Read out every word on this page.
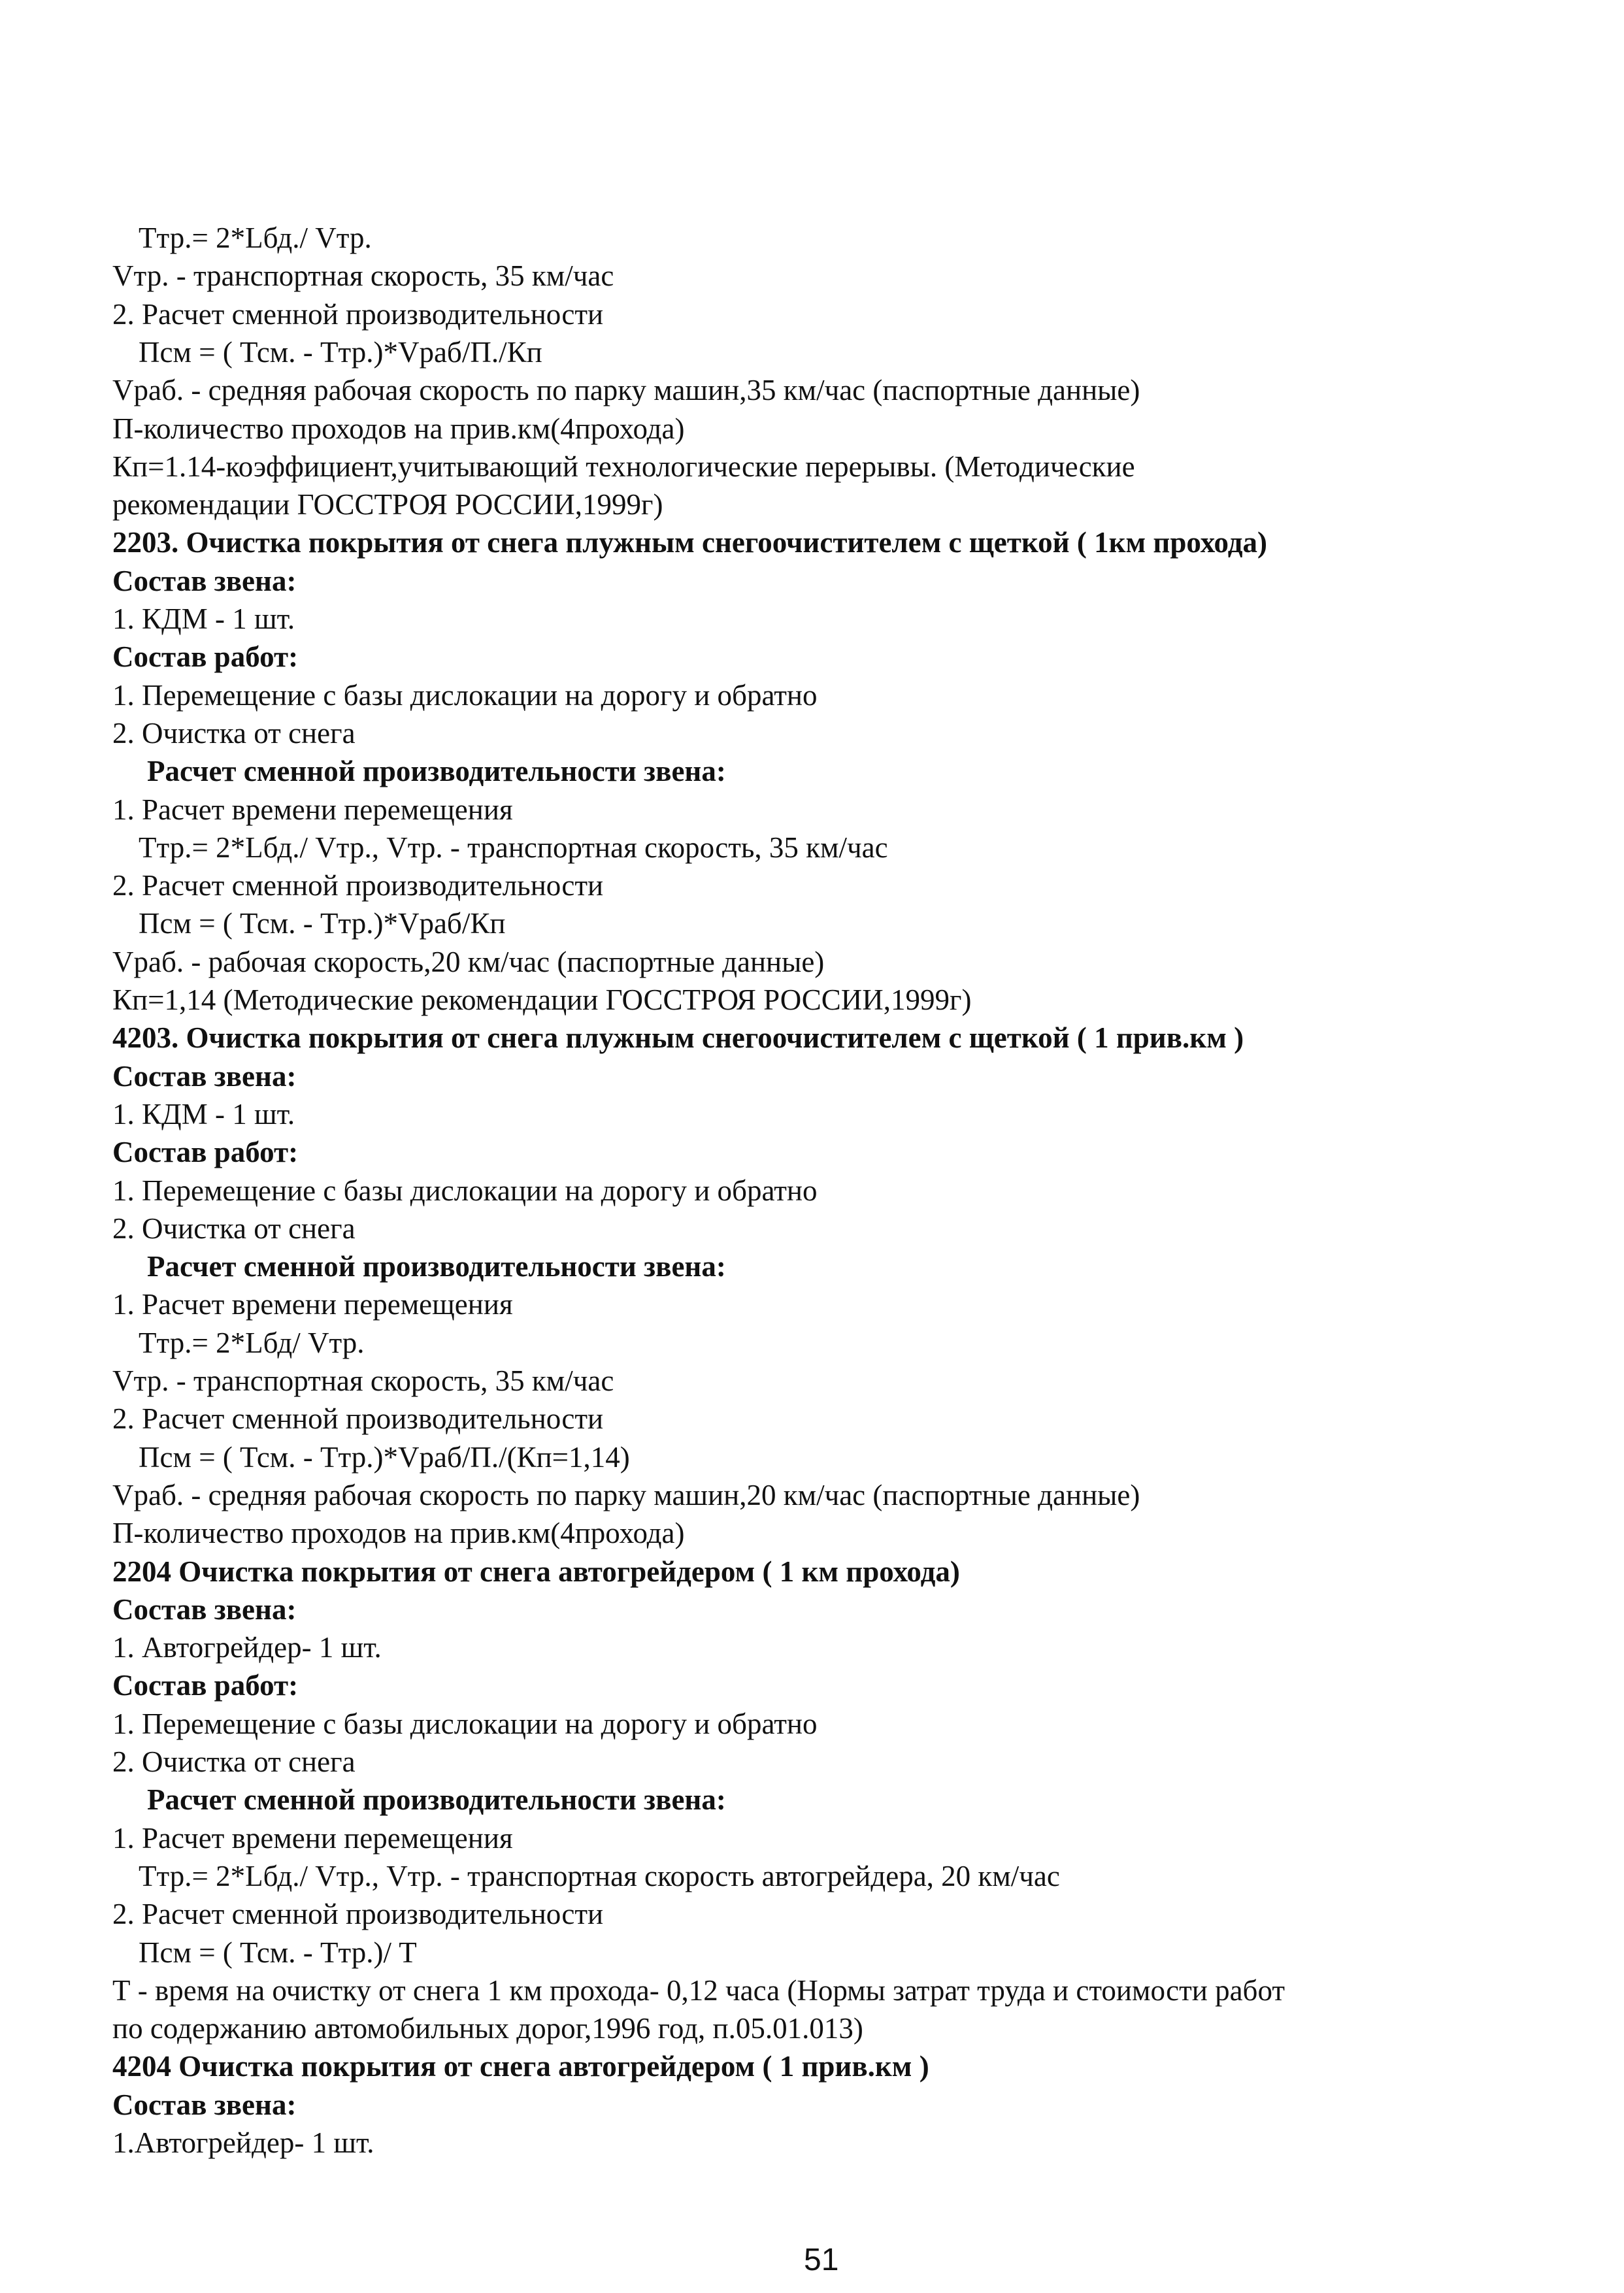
Ттр.= 2*Lбд./ Vтр.
Vтр. - транспортная скорость, 35 км/час
2. Расчет сменной производительности
Пcм = ( Тсм. - Ттр.)*Vраб/П./Кп
Vраб. - средняя рабочая скорость по парку машин,35 км/час (паспортные данные)
П-количество проходов на прив.км(4прохода)
Кп=1.14-коэффициент,учитывающий технологические перерывы. (Методические
рекомендации ГОССТРОЯ РОССИИ,1999г)
2203. Очистка покрытия от снега плужным снегоочистителем с щеткой ( 1км прохода)
Состав звена:
1. КДМ - 1 шт.
Состав работ:
1. Перемещение с базы дислокации на дорогу и обратно
2. Очистка от снега
Расчет сменной производительности звена:
1. Расчет времени перемещения
Ттр.= 2*Lбд./ Vтр., Vтр. - транспортная скорость, 35 км/час
2. Расчет сменной производительности
Пcм = ( Тсм. - Ттр.)*Vраб/Кп
Vраб. - рабочая скорость,20 км/час (паспортные данные)
Кп=1,14 (Методические рекомендации ГОССТРОЯ РОССИИ,1999г)
4203. Очистка покрытия от снега плужным снегоочистителем с щеткой ( 1 прив.км )
Состав звена:
1. КДМ - 1 шт.
Состав работ:
1. Перемещение с базы дислокации на дорогу и обратно
2. Очистка от снега
Расчет сменной производительности звена:
1. Расчет времени перемещения
Ттр.= 2*Lбд/ Vтр.
Vтр. - транспортная скорость, 35 км/час
2. Расчет сменной производительности
Пcм = ( Тсм. - Ттр.)*Vраб/П./(Кп=1,14)
Vраб. - средняя рабочая скорость по парку машин,20 км/час (паспортные данные)
П-количество проходов на прив.км(4прохода)
2204 Очистка покрытия от снега автогрейдером ( 1 км прохода)
Состав звена:
1. Автогрейдер- 1 шт.
Состав работ:
1. Перемещение с базы дислокации на дорогу и обратно
2. Очистка от снега
Расчет сменной производительности звена:
1. Расчет времени перемещения
Ттр.= 2*Lбд./ Vтр., Vтр. - транспортная скорость автогрейдера, 20 км/час
2. Расчет сменной производительности
Пcм = ( Тсм. - Ттр.)/ Т
Т - время на очистку от снега 1 км прохода- 0,12 часа (Нормы затрат труда и стоимости работ
по содержанию автомобильных дорог,1996 год, п.05.01.013)
4204 Очистка покрытия от снега автогрейдером ( 1 прив.км )
Состав звена:
1.Автогрейдер- 1 шт.
51
